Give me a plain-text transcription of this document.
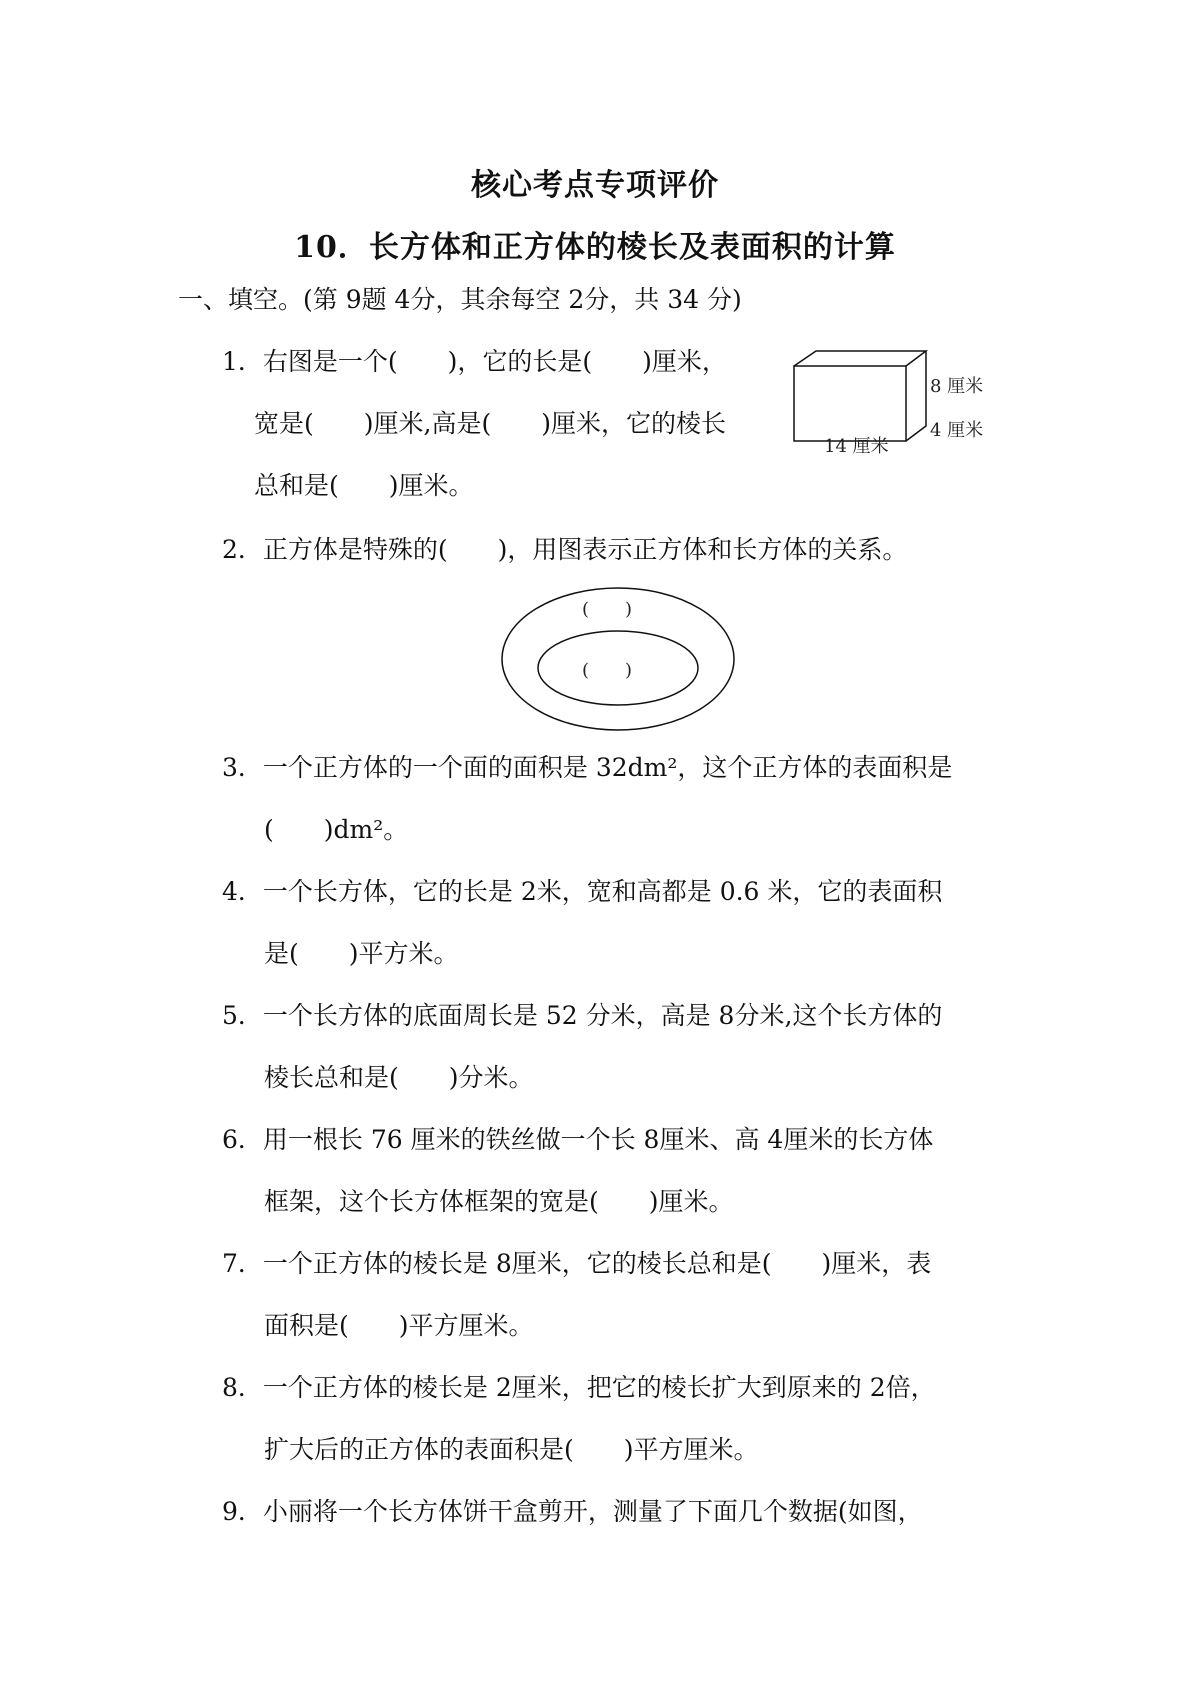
核心考点专项评价
10．长方体和正方体的棱长及表面积的计算
一、填空。(第 9题 4分，其余每空 2分，共 34 分)
1．右图是一个(　　)，它的长是(　　)厘米，
宽是(　　)厘米,高是(　　)厘米，它的棱长
总和是(　　)厘米。
8 厘米
4 厘米
14 厘米
2．正方体是特殊的(　　)，用图表示正方体和长方体的关系。
(　　)
(　　)
3．一个正方体的一个面的面积是 32dm²，这个正方体的表面积是
(　　)dm²。
4．一个长方体，它的长是 2米，宽和高都是 0.6 米，它的表面积
是(　　)平方米。
5．一个长方体的底面周长是 52 分米，高是 8分米,这个长方体的
棱长总和是(　　)分米。
6．用一根长 76 厘米的铁丝做一个长 8厘米、高 4厘米的长方体
框架，这个长方体框架的宽是(　　)厘米。
7．一个正方体的棱长是 8厘米，它的棱长总和是(　　)厘米，表
面积是(　　)平方厘米。
8．一个正方体的棱长是 2厘米，把它的棱长扩大到原来的 2倍，
扩大后的正方体的表面积是(　　)平方厘米。
9．小丽将一个长方体饼干盒剪开，测量了下面几个数据(如图，
